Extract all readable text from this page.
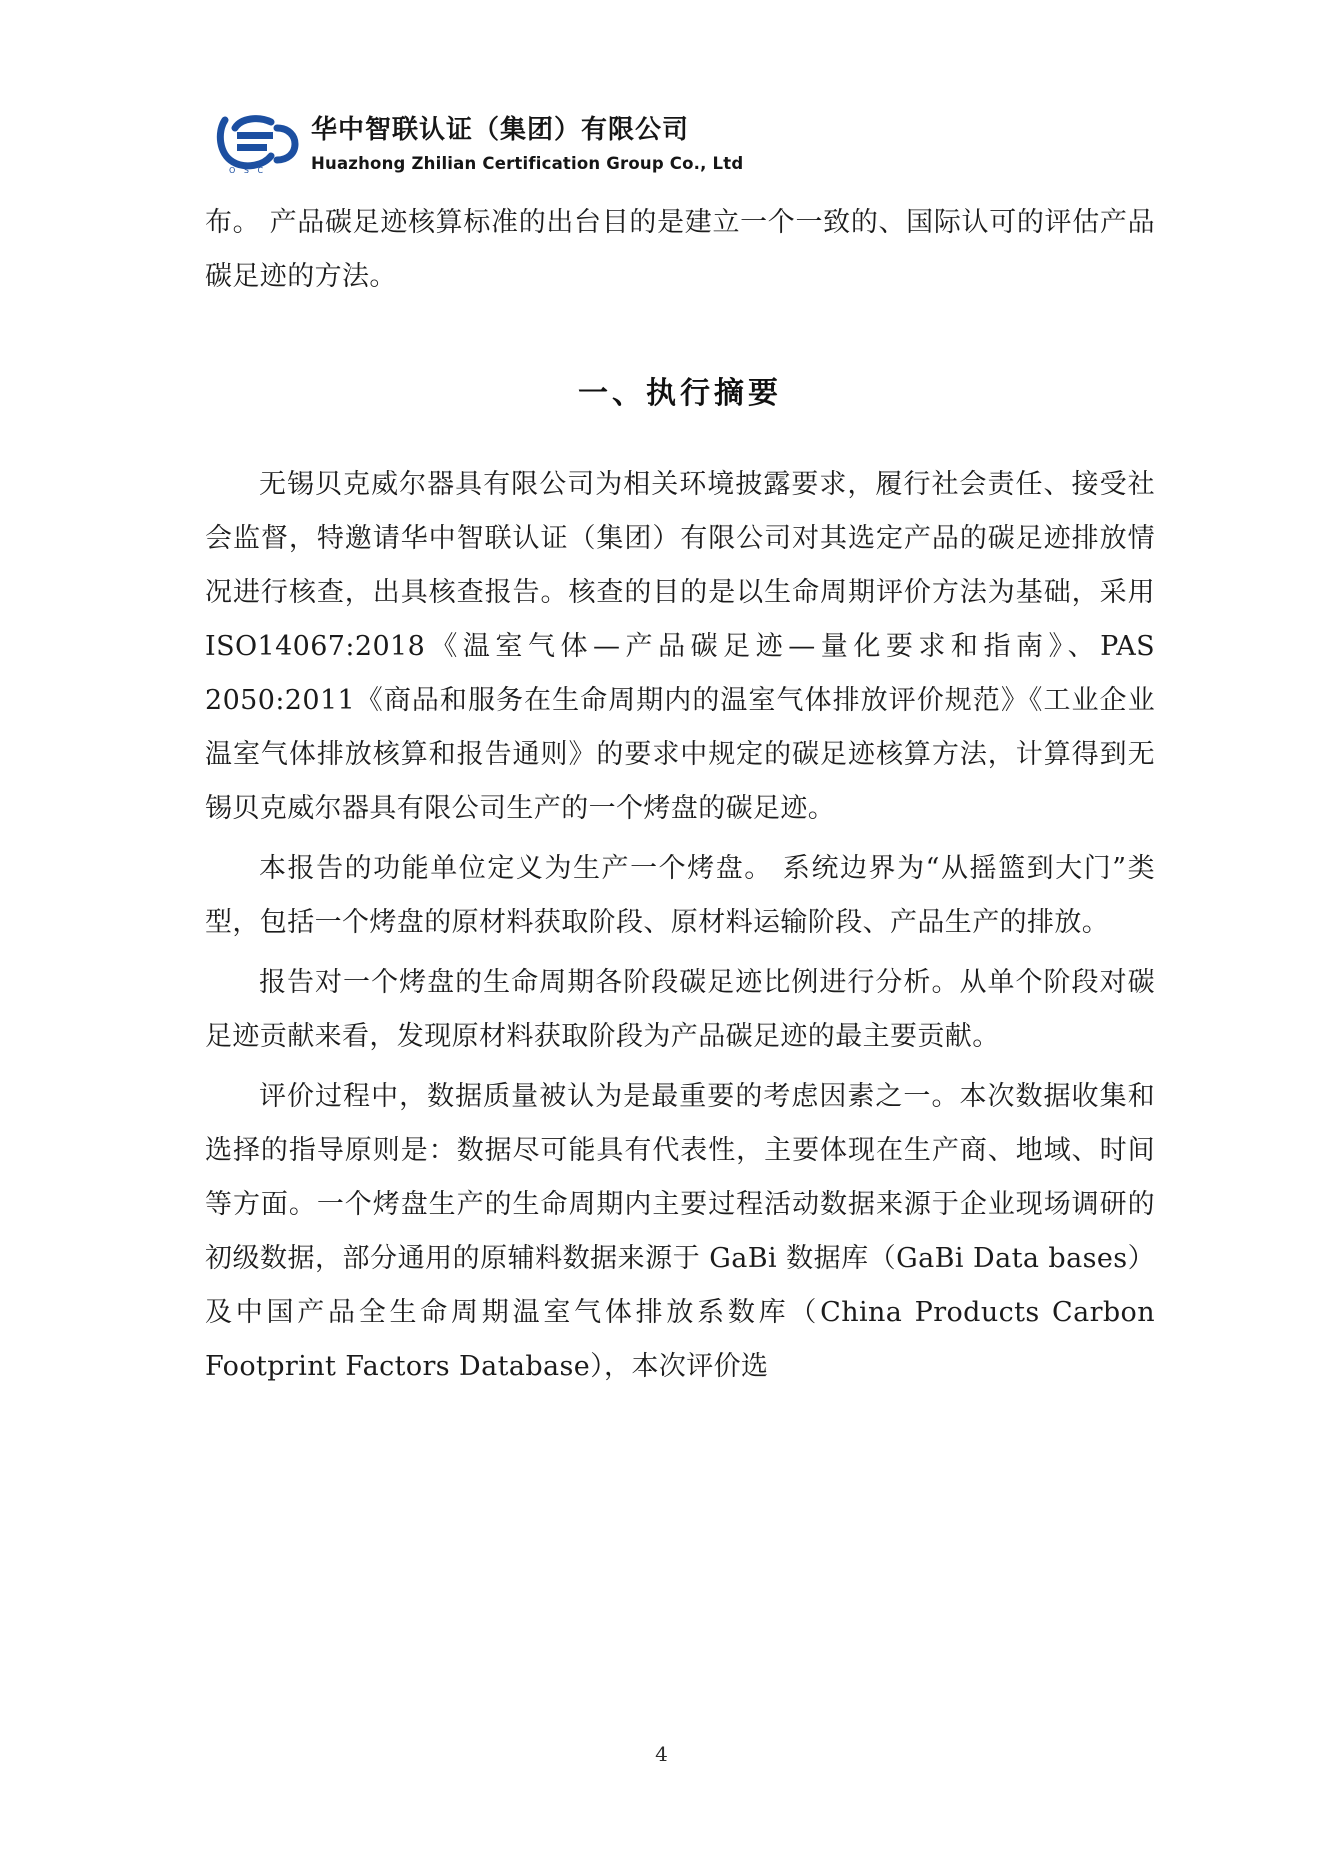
O S C
华中智联认证（集团）有限公司
Huazhong Zhilian Certification Group Co., Ltd

布。 产品碳足迹核算标准的出台目的是建立一个一致的、国际认可的评估产品碳足迹的方法。

一、执行摘要

无锡贝克威尔器具有限公司为相关环境披露要求，履行社会责任、接受社会监督，特邀请华中智联认证（集团）有限公司对其选定产品的碳足迹排放情况进行核查，出具核查报告。核查的目的是以生命周期评价方法为基础，采用ISO14067:2018《温室气体—产品碳足迹—量化要求和指南》、PAS 2050:2011《商品和服务在生命周期内的温室气体排放评价规范》《工业企业温室气体排放核算和报告通则》的要求中规定的碳足迹核算方法，计算得到无锡贝克威尔器具有限公司生产的一个烤盘的碳足迹。

本报告的功能单位定义为生产一个烤盘。 系统边界为“从摇篮到大门”类型，包括一个烤盘的原材料获取阶段、原材料运输阶段、产品生产的排放。

报告对一个烤盘的生命周期各阶段碳足迹比例进行分析。从单个阶段对碳足迹贡献来看，发现原材料获取阶段为产品碳足迹的最主要贡献。

评价过程中，数据质量被认为是最重要的考虑因素之一。本次数据收集和选择的指导原则是：数据尽可能具有代表性，主要体现在生产商、地域、时间等方面。一个烤盘生产的生命周期内主要过程活动数据来源于企业现场调研的初级数据，部分通用的原辅料数据来源于 GaBi 数据库（GaBi Data bases）及中国产品全生命周期温室气体排放系数库（China Products Carbon Footprint Factors Database），本次评价选

4
